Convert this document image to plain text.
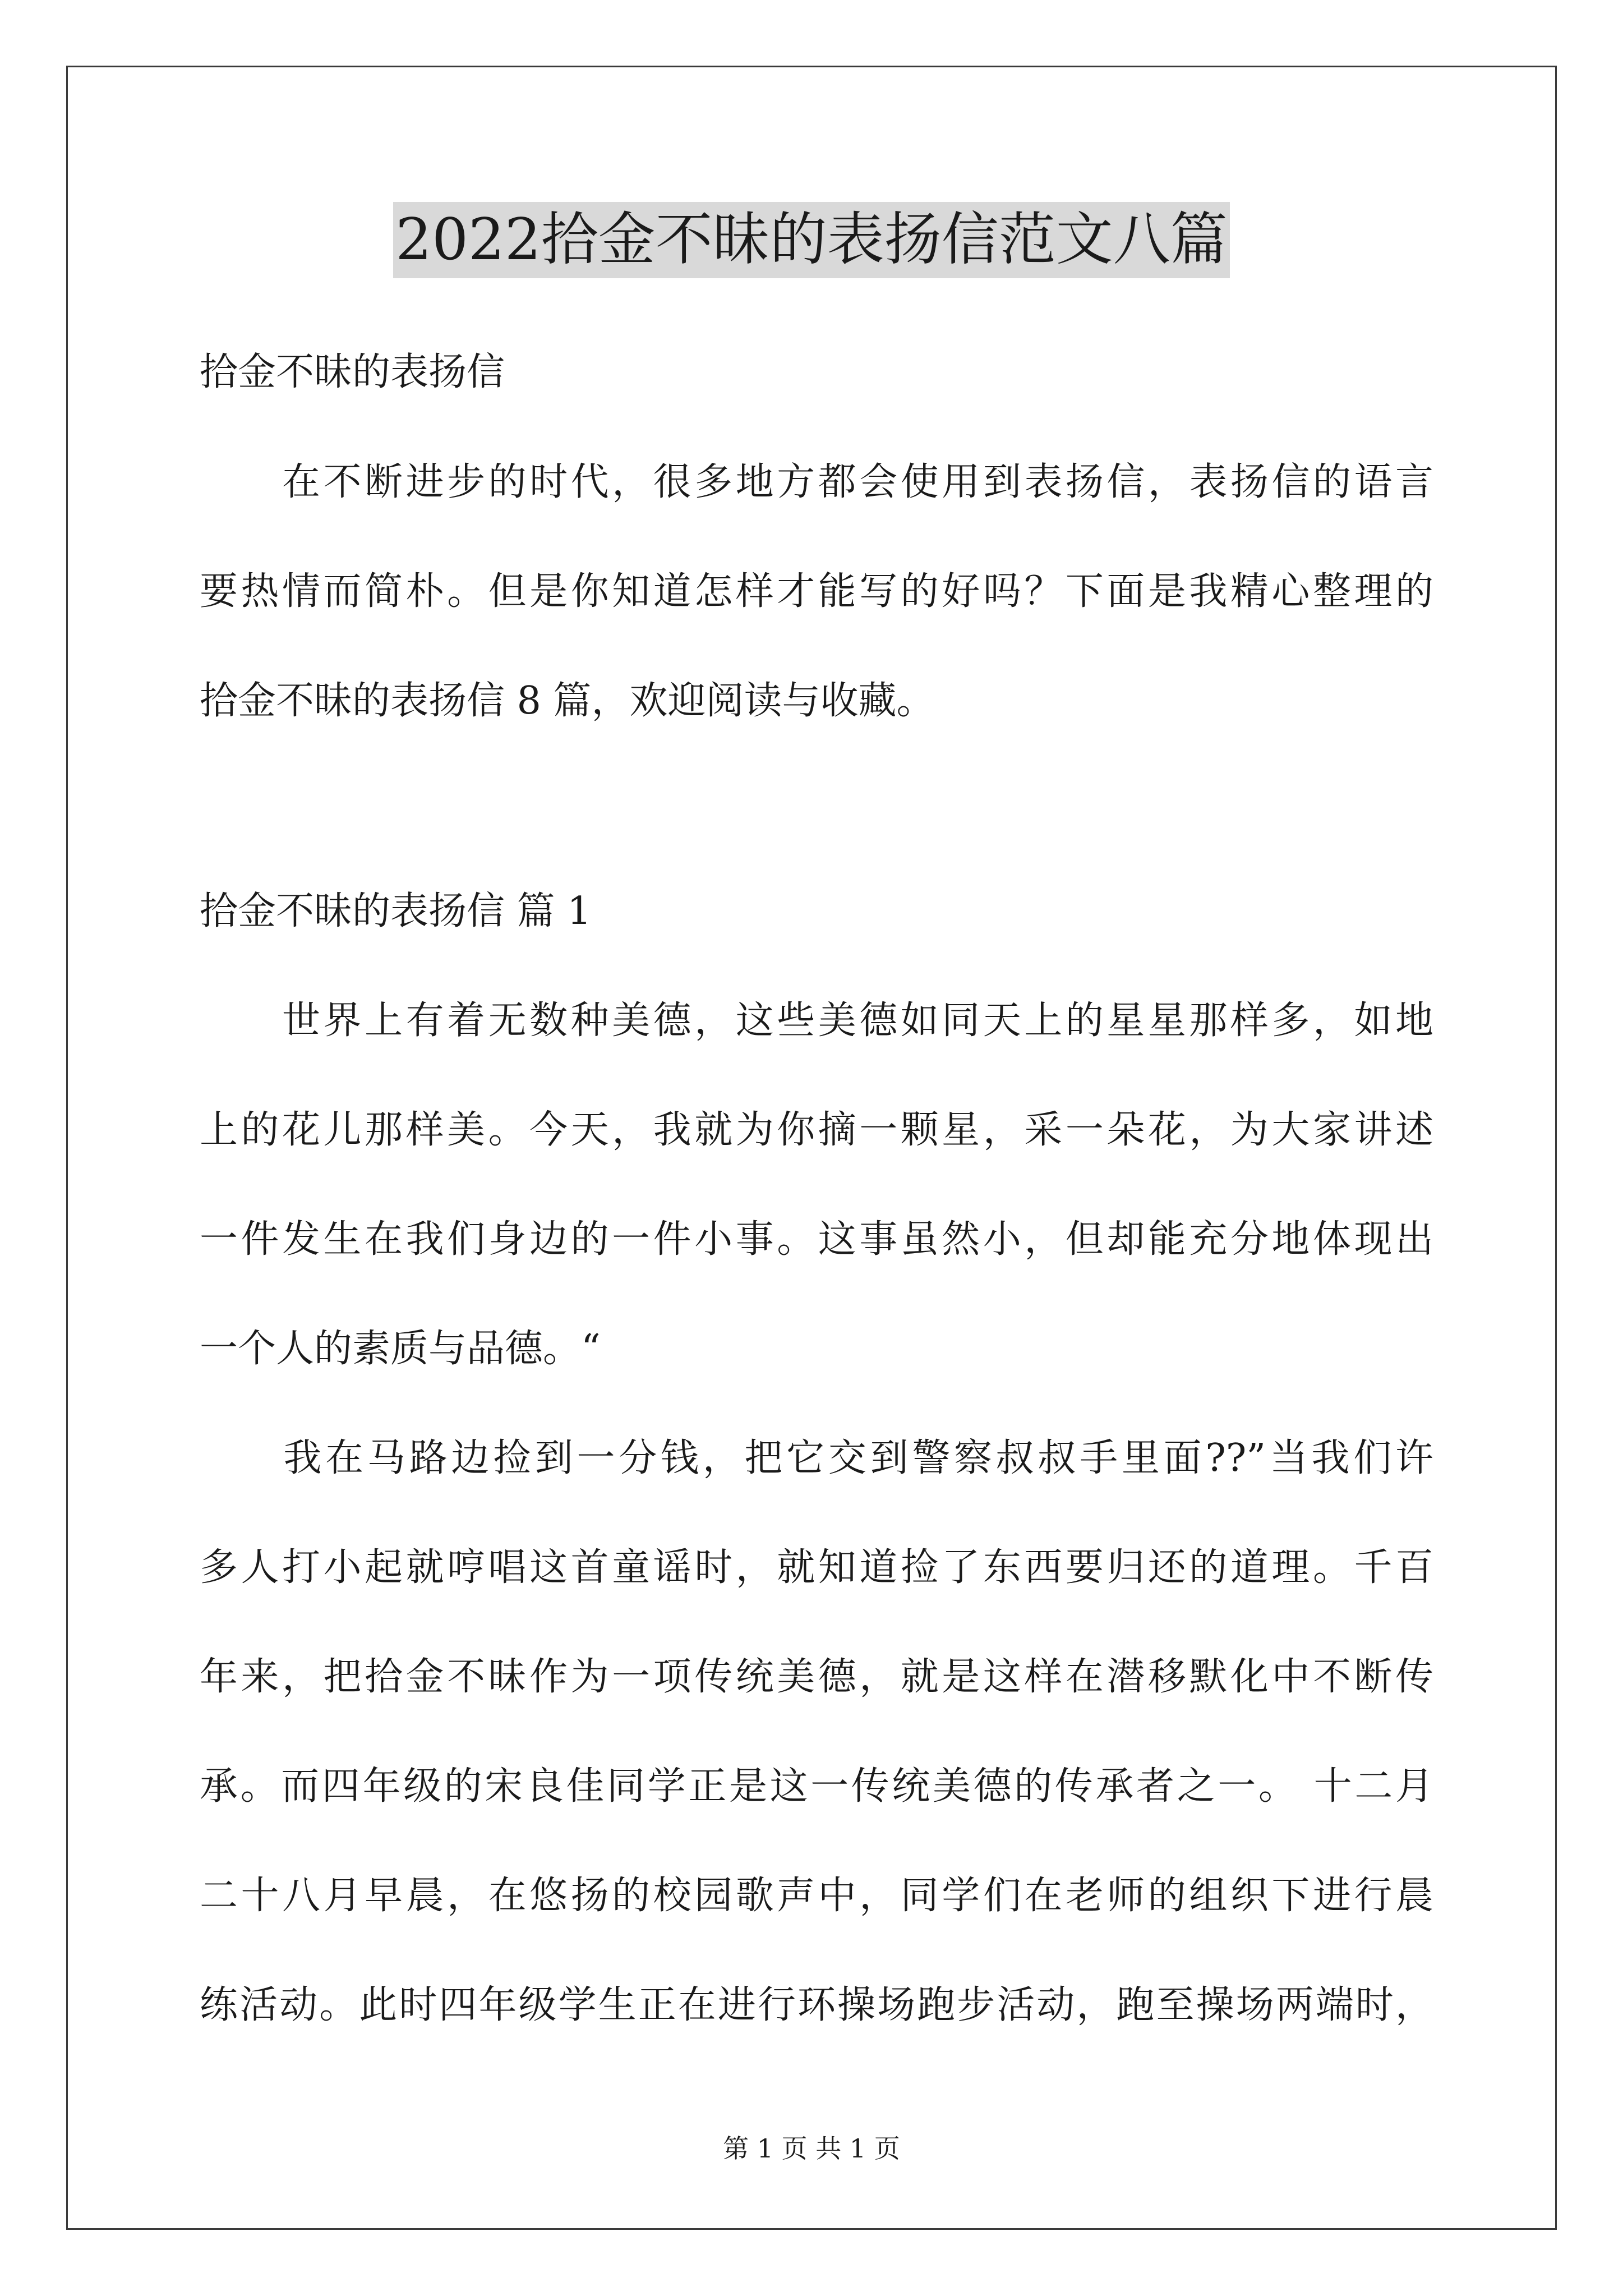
2022拾金不昧的表扬信范文八篇
拾金不昧的表扬信
　　在不断进步的时代，很多地方都会使用到表扬信，表扬信的语言
要热情而简朴。但是你知道怎样才能写的好吗？下面是我精心整理的
拾金不昧的表扬信 8 篇，欢迎阅读与收藏。
拾金不昧的表扬信 篇 1
　　世界上有着无数种美德，这些美德如同天上的星星那样多，如地
上的花儿那样美。今天，我就为你摘一颗星，采一朵花，为大家讲述
一件发生在我们身边的一件小事。这事虽然小，但却能充分地体现出
一个人的素质与品德。“
　　我在马路边捡到一分钱，把它交到警察叔叔手里面??”当我们许
多人打小起就哼唱这首童谣时，就知道捡了东西要归还的道理。千百
年来，把拾金不昧作为一项传统美德，就是这样在潜移默化中不断传
承。而四年级的宋良佳同学正是这一传统美德的传承者之一。 十二月
二十八月早晨，在悠扬的校园歌声中，同学们在老师的组织下进行晨
练活动。此时四年级学生正在进行环操场跑步活动，跑至操场两端时，
第 1 页 共 1 页
